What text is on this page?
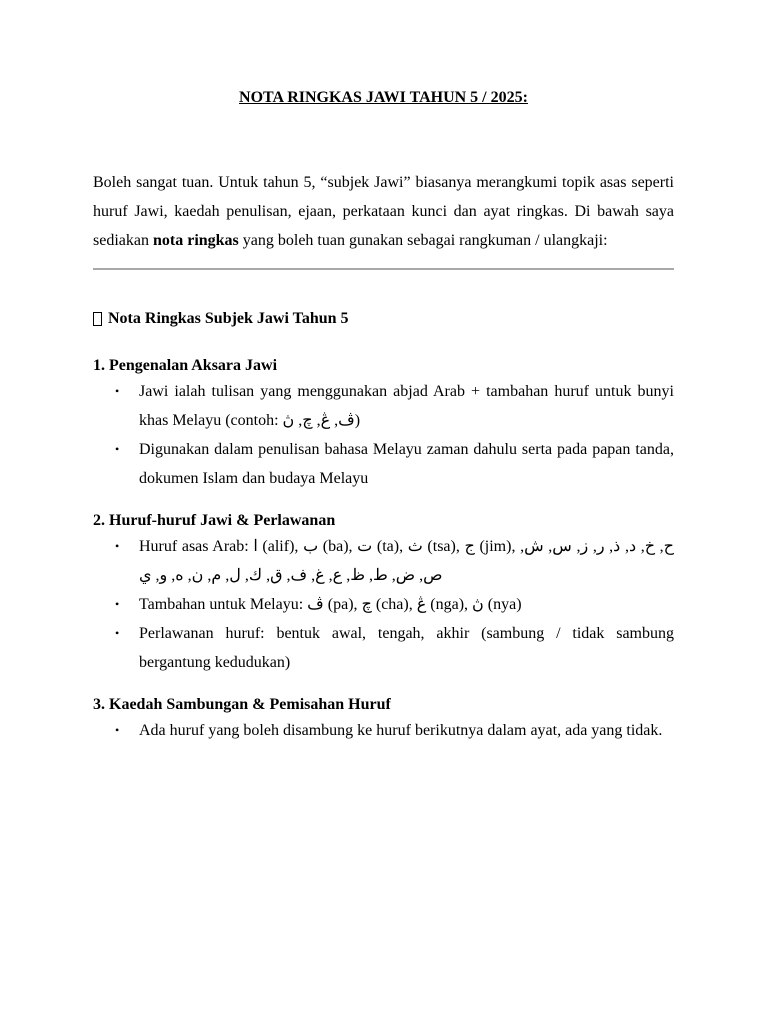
NOTA RINGKAS JAWI TAHUN 5 / 2025:

Boleh sangat tuan. Untuk tahun 5, “subjek Jawi” biasanya merangkumi topik asas seperti huruf Jawi, kaedah penulisan, ejaan, perkataan kunci dan ayat ringkas. Di bawah saya sediakan nota ringkas yang boleh tuan gunakan sebagai rangkuman / ulangkaji:

Nota Ringkas Subjek Jawi Tahun 5
1. Pengenalan Aksara Jawi
• Jawi ialah tulisan yang menggunakan abjad Arab + tambahan huruf untuk bunyi khas Melayu (contoh: ڤ, ڠ, چ, ڽ)
• Digunakan dalam penulisan bahasa Melayu zaman dahulu serta pada papan tanda, dokumen Islam dan budaya Melayu
2. Huruf-huruf Jawi & Perlawanan
• Huruf asas Arab: ا (alif), ب (ba), ت (ta), ث (tsa), ج (jim), ح, خ, د, ذ, ر, ز, س, ش, ص, ض, ط, ظ, ع, غ, ف, ق, ك, ل, م, ن, ه, و, ي
• Tambahan untuk Melayu: ڤ (pa), چ (cha), ڠ (nga), ڽ (nya)
• Perlawanan huruf: bentuk awal, tengah, akhir (sambung / tidak sambung bergantung kedudukan)
3. Kaedah Sambungan & Pemisahan Huruf
• Ada huruf yang boleh disambung ke huruf berikutnya dalam ayat, ada yang tidak.
